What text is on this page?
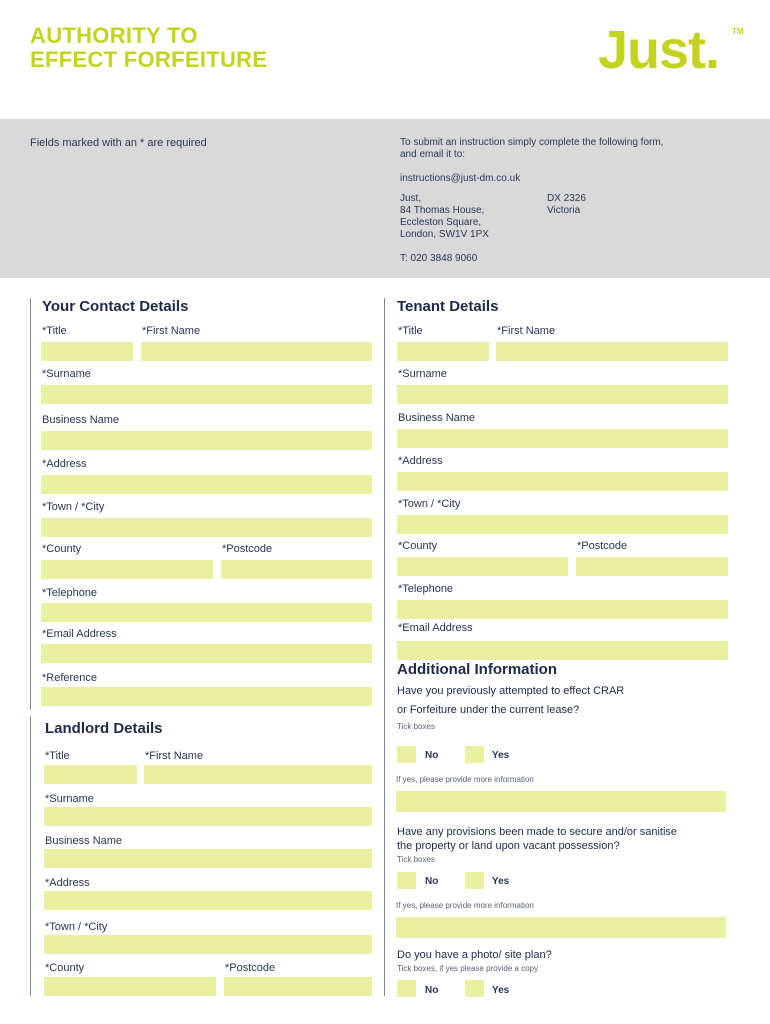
AUTHORITY TO
EFFECT FORFEITURE	Just. TM
Fields marked with an * are required	To submit an instruction simply complete the following form,
and email it to:
instructions@just-dm.co.uk
Just,
84 Thomas House,
Eccleston Square,
London, SW1V 1PX
DX 2326
Victoria
T: 020 3848 9060
Your Contact Details
*Title	*First Name
*Surname
Business Name
*Address
*Town / *City
*County	*Postcode
*Telephone
*Email Address
*Reference
Landlord Details
*Title	*First Name
*Surname
Business Name
*Address
*Town / *City
*County	*Postcode
Tenant Details
*Title	*First Name
*Surname
Business Name
*Address
*Town / *City
*County	*Postcode
*Telephone
*Email Address
Additional Information
Have you previously attempted to effect CRAR
or Forfeiture under the current lease?
Tick boxes
No	Yes
If yes, please provide more information
Have any provisions been made to secure and/or sanitise
the property or land upon vacant possession?
Tick boxes
No	Yes
If yes, please provide more information
Do you have a photo/ site plan?
Tick boxes, if yes please provide a copy
No	Yes
